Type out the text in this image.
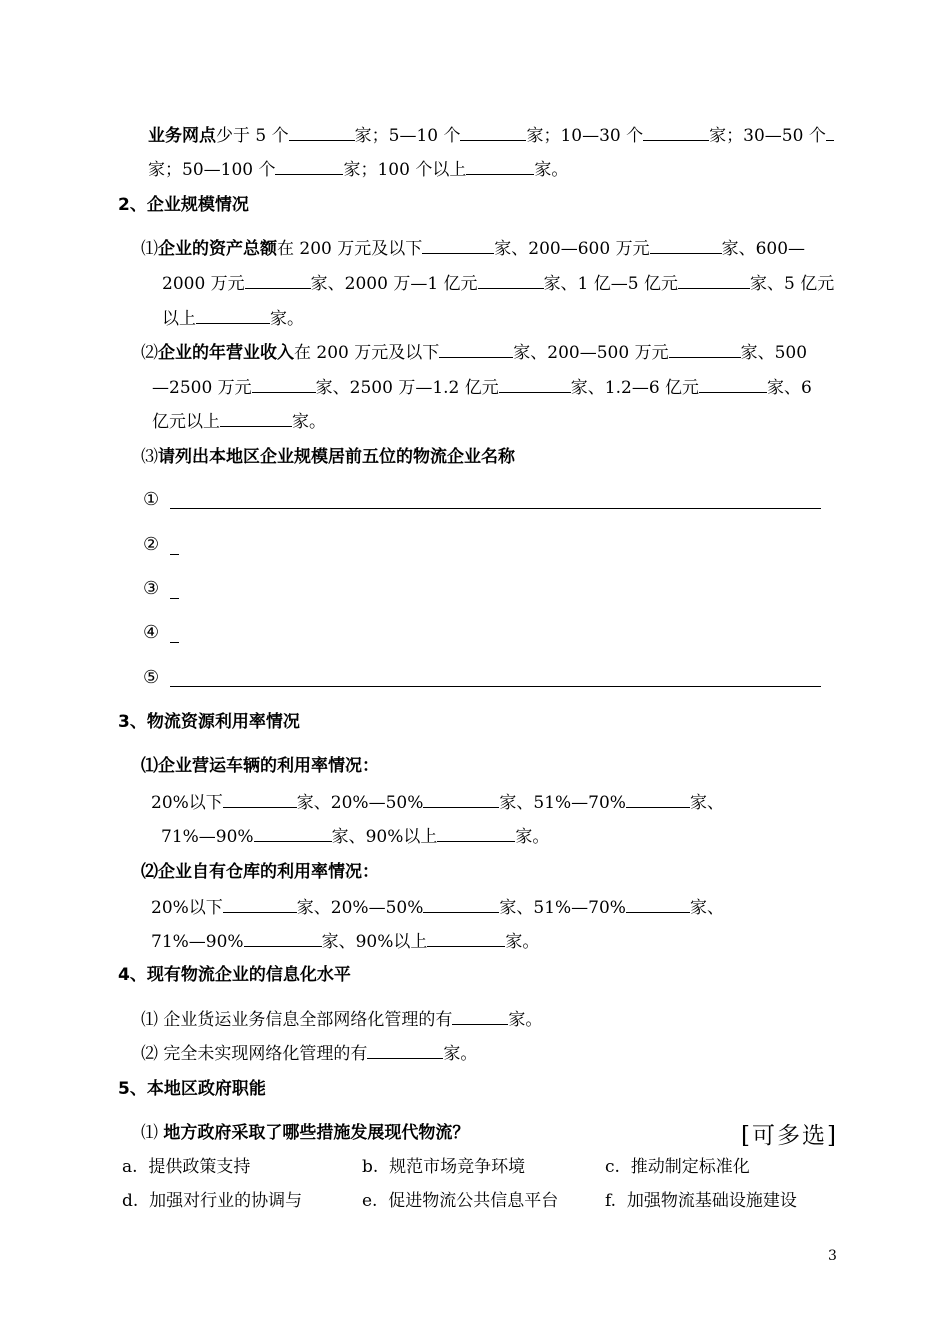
业务网点少于 5 个	家；5—10 个	家；10—30 个	家；30—50 个
家；50—100 个	家；100 个以上	家。
2、企业规模情况
⑴企业的资产总额在 200 万元及以下	家、200—600 万元	家、600—
2000 万元	家、2000 万—1 亿元	家、1 亿—5 亿元	家、5 亿元
以上	家。
⑵企业的年营业收入在 200 万元及以下	家、200—500 万元	家、500
—2500 万元	家、2500 万—1.2 亿元	家、1.2—6 亿元	家、6
亿元以上	家。
⑶请列出本地区企业规模居前五位的物流企业名称
①
②
③
④
⑤
3、物流资源利用率情况
⑴企业营运车辆的利用率情况：
20%以下	家、20%—50%	家、51%—70%	家、
71%—90%	家、90%以上	家。
⑵企业自有仓库的利用率情况：
20%以下	家、20%—50%	家、51%—70%	家、
71%—90%	家、90%以上	家。
4、现有物流企业的信息化水平
⑴ 企业货运业务信息全部网络化管理的有	家。
⑵ 完全未实现网络化管理的有	家。
5、本地区政府职能
⑴ 地方政府采取了哪些措施发展现代物流？	[可多选]
a. 提供政策支持	b. 规范市场竞争环境	c. 推动制定标准化
d. 加强对行业的协调与	e. 促进物流公共信息平台	f. 加强物流基础设施建设
3
